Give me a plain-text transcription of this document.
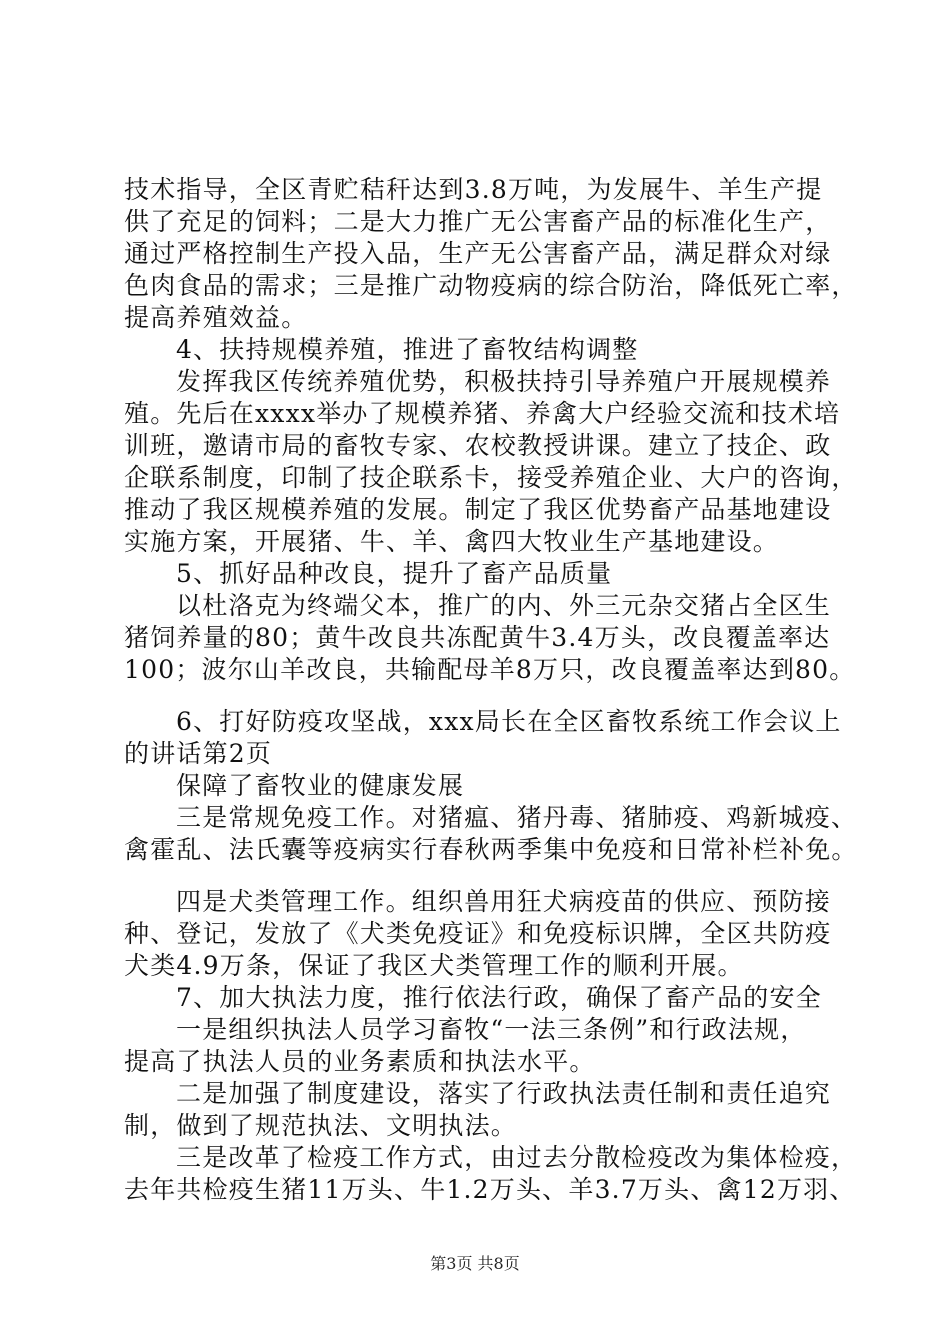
技术指导，全区青贮秸秆达到3.8万吨，为发展牛、羊生产提
供了充足的饲料；二是大力推广无公害畜产品的标准化生产，
通过严格控制生产投入品，生产无公害畜产品，满足群众对绿
色肉食品的需求；三是推广动物疫病的综合防治，降低死亡率，
提高养殖效益。
4、扶持规模养殖，推进了畜牧结构调整
发挥我区传统养殖优势，积极扶持引导养殖户开展规模养
殖。先后在xxxx举办了规模养猪、养禽大户经验交流和技术培
训班，邀请市局的畜牧专家、农校教授讲课。建立了技企、政
企联系制度，印制了技企联系卡，接受养殖企业、大户的咨询，
推动了我区规模养殖的发展。制定了我区优势畜产品基地建设
实施方案，开展猪、牛、羊、禽四大牧业生产基地建设。
5、抓好品种改良，提升了畜产品质量
以杜洛克为终端父本，推广的内、外三元杂交猪占全区生
猪饲养量的80；黄牛改良共冻配黄牛3.4万头，改良覆盖率达
100；波尔山羊改良，共输配母羊8万只，改良覆盖率达到80。
6、打好防疫攻坚战，xxx局长在全区畜牧系统工作会议上
的讲话第2页
保障了畜牧业的健康发展
三是常规免疫工作。对猪瘟、猪丹毒、猪肺疫、鸡新城疫、
禽霍乱、法氏囊等疫病实行春秋两季集中免疫和日常补栏补免。
四是犬类管理工作。组织兽用狂犬病疫苗的供应、预防接
种、登记，发放了《犬类免疫证》和免疫标识牌，全区共防疫
犬类4.9万条，保证了我区犬类管理工作的顺利开展。
7、加大执法力度，推行依法行政，确保了畜产品的安全
一是组织执法人员学习畜牧“一法三条例”和行政法规，
提高了执法人员的业务素质和执法水平。
二是加强了制度建设，落实了行政执法责任制和责任追究
制，做到了规范执法、文明执法。
三是改革了检疫工作方式，由过去分散检疫改为集体检疫，
去年共检疫生猪11万头、牛1.2万头、羊3.7万头、禽12万羽、
第3页 共8页
